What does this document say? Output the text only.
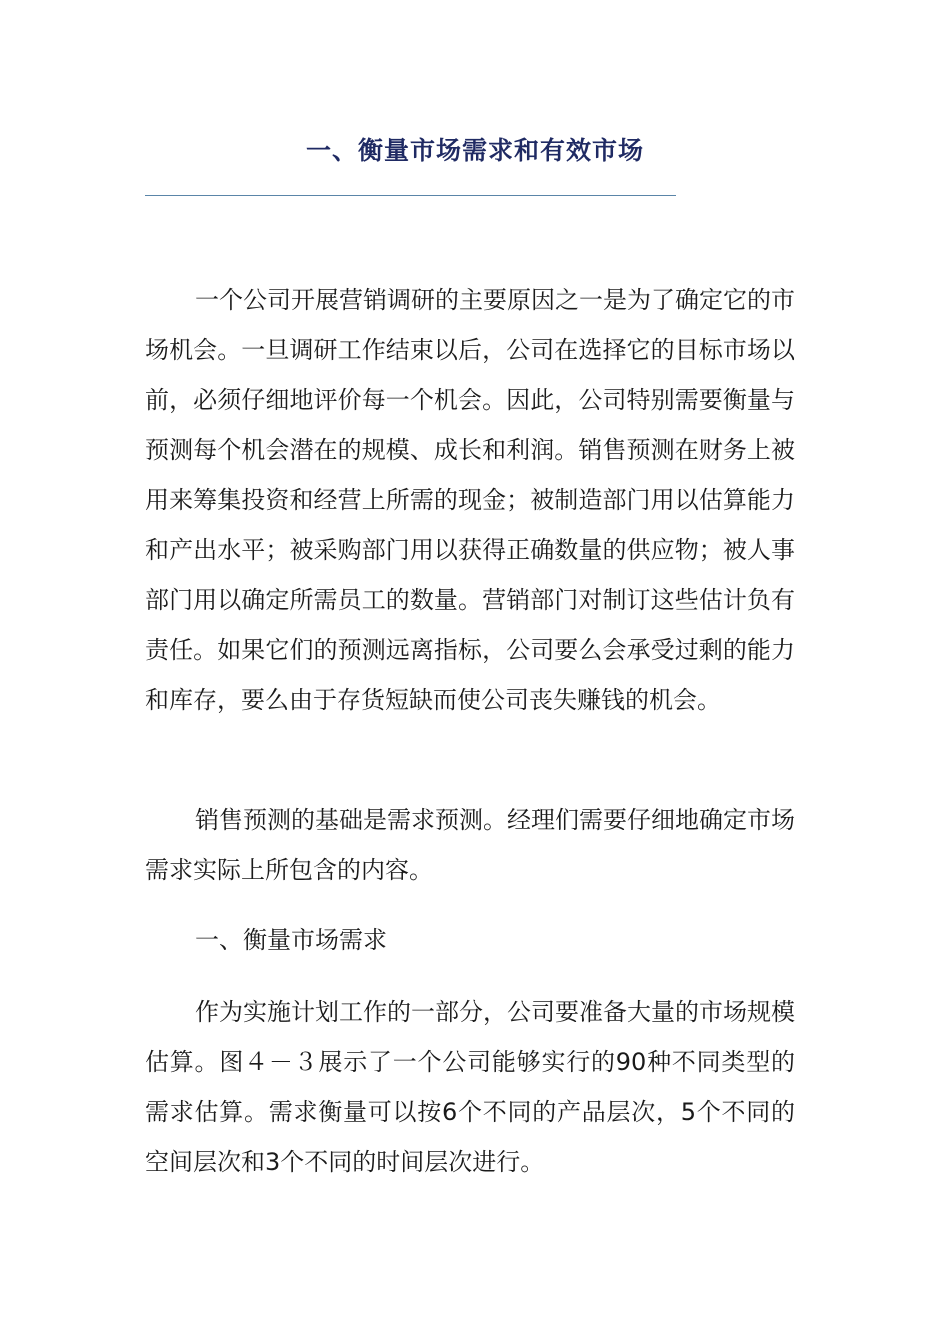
一、衡量市场需求和有效市场

一个公司开展营销调研的主要原因之一是为了确定它的市场机会。一旦调研工作结束以后，公司在选择它的目标市场以前，必须仔细地评价每一个机会。因此，公司特别需要衡量与预测每个机会潜在的规模、成长和利润。销售预测在财务上被用来筹集投资和经营上所需的现金；被制造部门用以估算能力和产出水平；被采购部门用以获得正确数量的供应物；被人事部门用以确定所需员工的数量。营销部门对制订这些估计负有责任。如果它们的预测远离指标，公司要么会承受过剩的能力和库存，要么由于存货短缺而使公司丧失赚钱的机会。

销售预测的基础是需求预测。经理们需要仔细地确定市场需求实际上所包含的内容。

一、衡量市场需求

作为实施计划工作的一部分，公司要准备大量的市场规模估算。图４－３展示了一个公司能够实行的90种不同类型的需求估算。需求衡量可以按6个不同的产品层次，5个不同的空间层次和3个不同的时间层次进行。
